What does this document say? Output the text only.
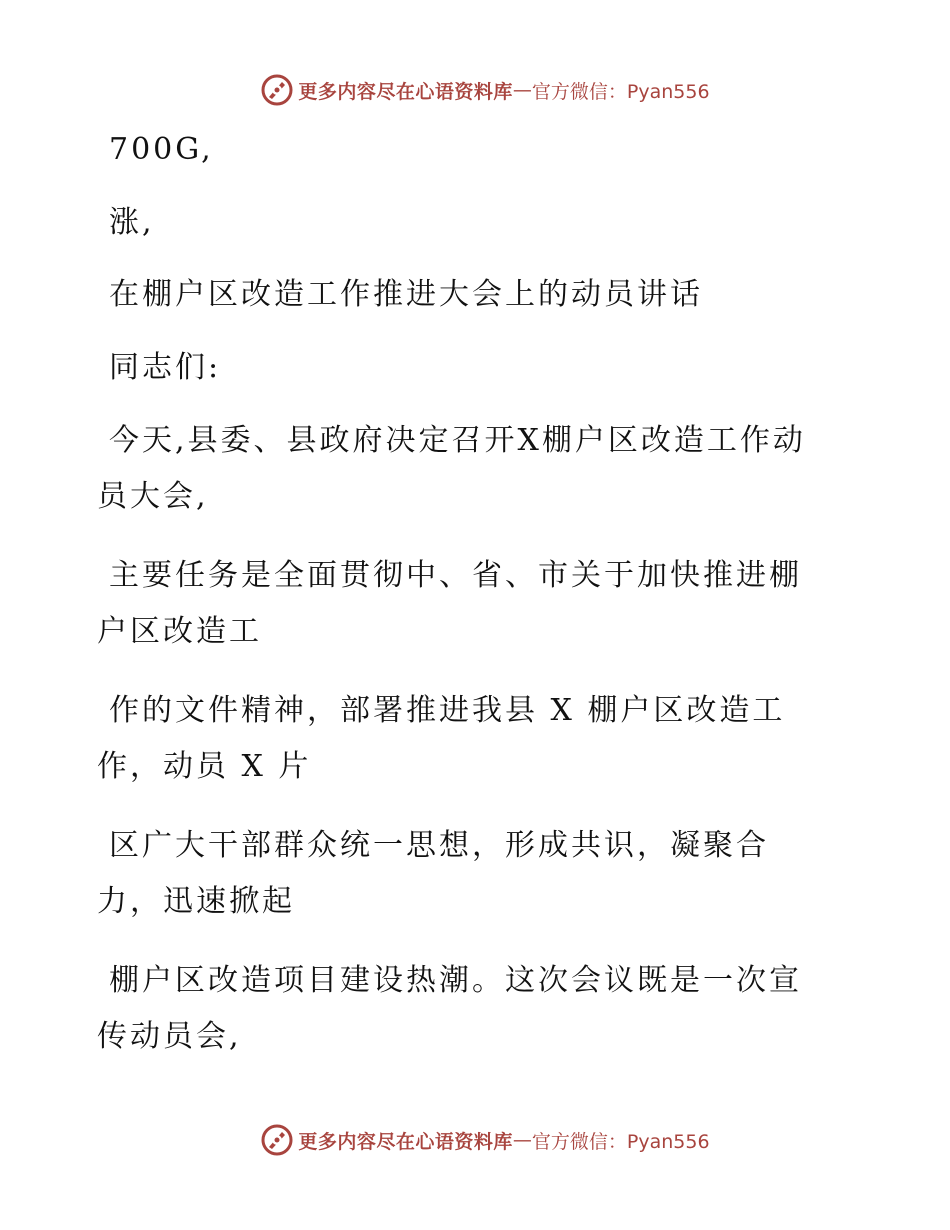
更多内容尽在心语资料库 — 官方微信：Pyan556
700G,
涨,
在棚户区改造工作推进大会上的动员讲话
同志们:
今天,县委、县政府决定召开X棚户区改造工作动
员大会,
主要任务是全面贯彻中、省、市关于加快推进棚
户区改造工
作的文件精神，部署推进我县 X 棚户区改造工
作，动员 X 片
区广大干部群众统一思想，形成共识，凝聚合
力，迅速掀起
棚户区改造项目建设热潮。这次会议既是一次宣
传动员会,
更多内容尽在心语资料库 — 官方微信：Pyan556
